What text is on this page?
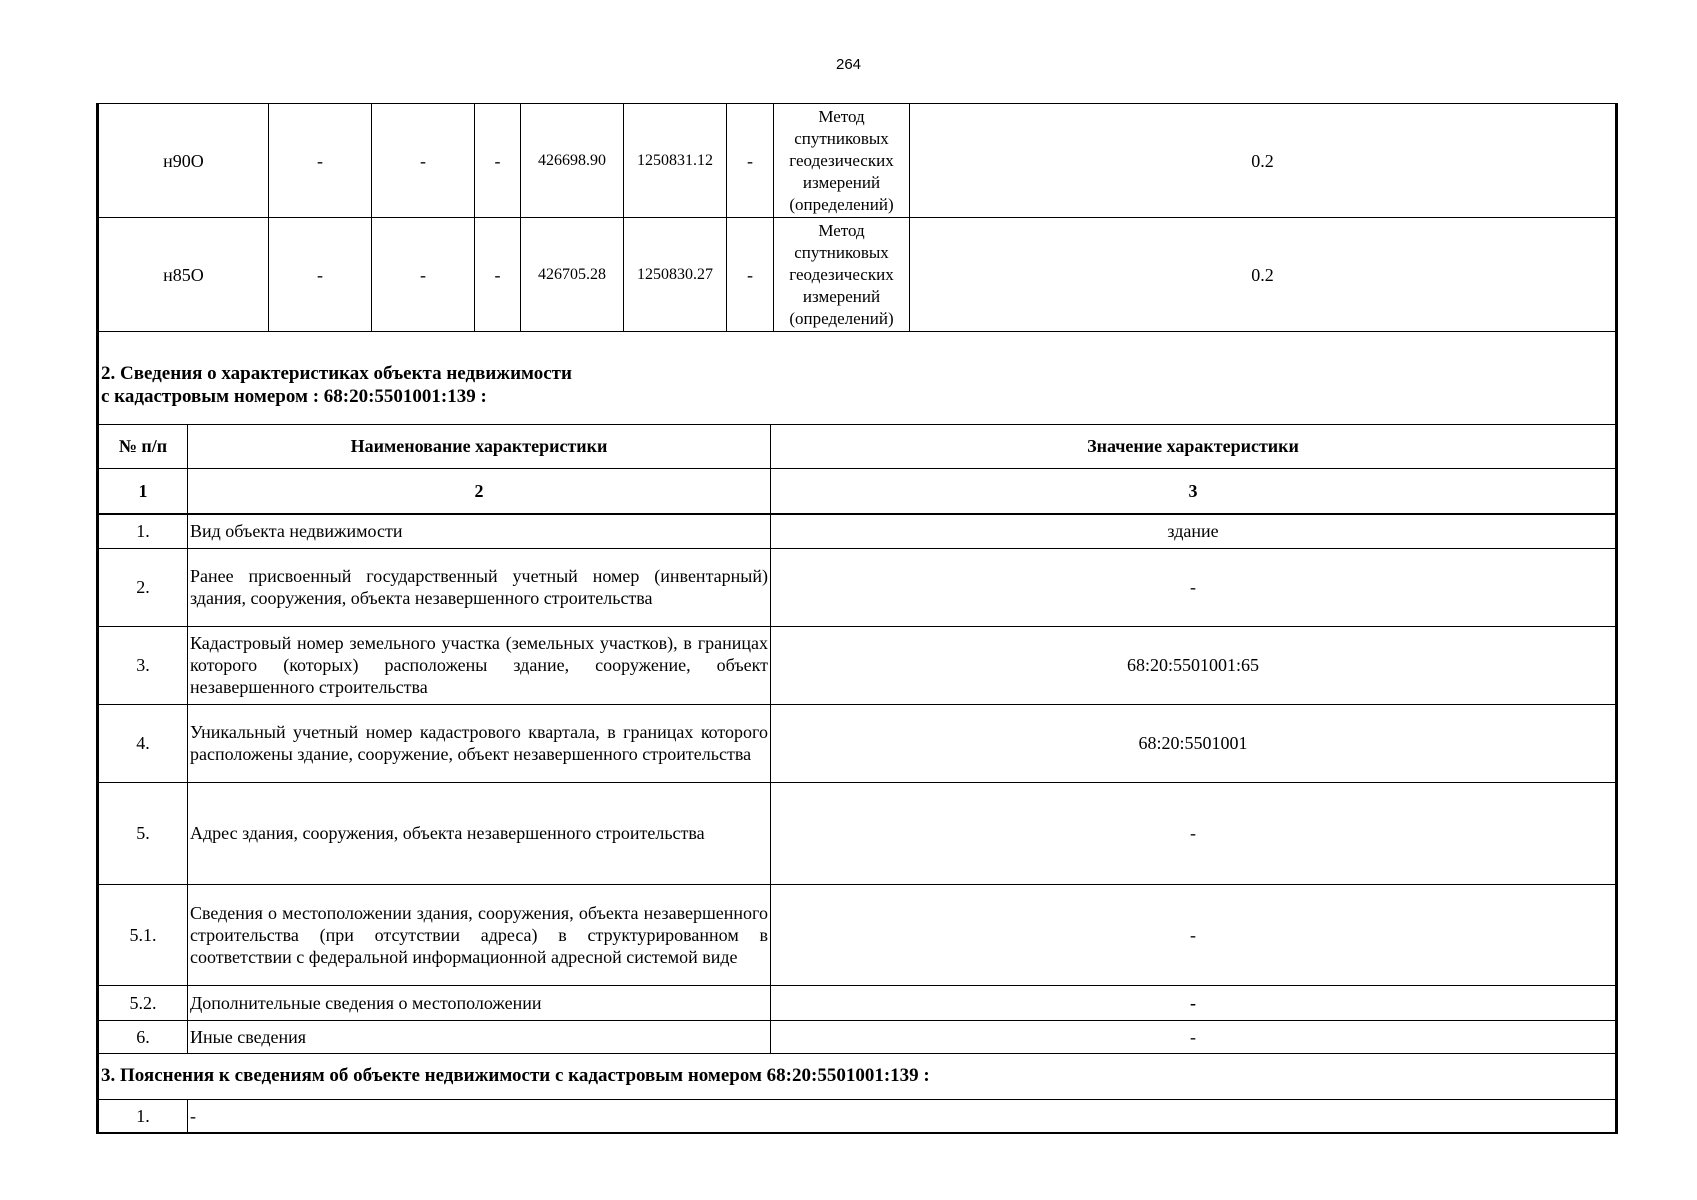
264
н90О	-	-	-	426698.90	1250831.12	-	Метод спутниковых геодезических измерений (определений)	0.2
н85О	-	-	-	426705.28	1250830.27	-	Метод спутниковых геодезических измерений (определений)	0.2
2. Сведения о характеристиках объекта недвижимости
с кадастровым номером : 68:20:5501001:139 :		

№ п/п	Наименование характеристики	Значение характеристики
1	2	3
1.	Вид объекта недвижимости	здание
2.	Ранее присвоенный государственный учетный номер (инвентарный) здания, сооружения, объекта незавершенного строительства	-
3.	Кадастровый номер земельного участка (земельных участков), в границах которого (которых) расположены здание, сооружение, объект незавершенного строительства	68:20:5501001:65
4.	Уникальный учетный номер кадастрового квартала, в границах которого расположены здание, сооружение, объект незавершенного строительства	68:20:5501001
5.	Адрес здания, сооружения, объекта незавершенного строительства	-
5.1.	Сведения о местоположении здания, сооружения, объекта незавершенного строительства (при отсутствии адреса) в структурированном в соответствии с федеральной информационной адресной системой виде	-
5.2.	Дополнительные сведения о местоположении	-
6.	Иные сведения	-
3. Пояснения к сведениям об объекте недвижимости с кадастровым номером 68:20:5501001:139 :
1.	-
